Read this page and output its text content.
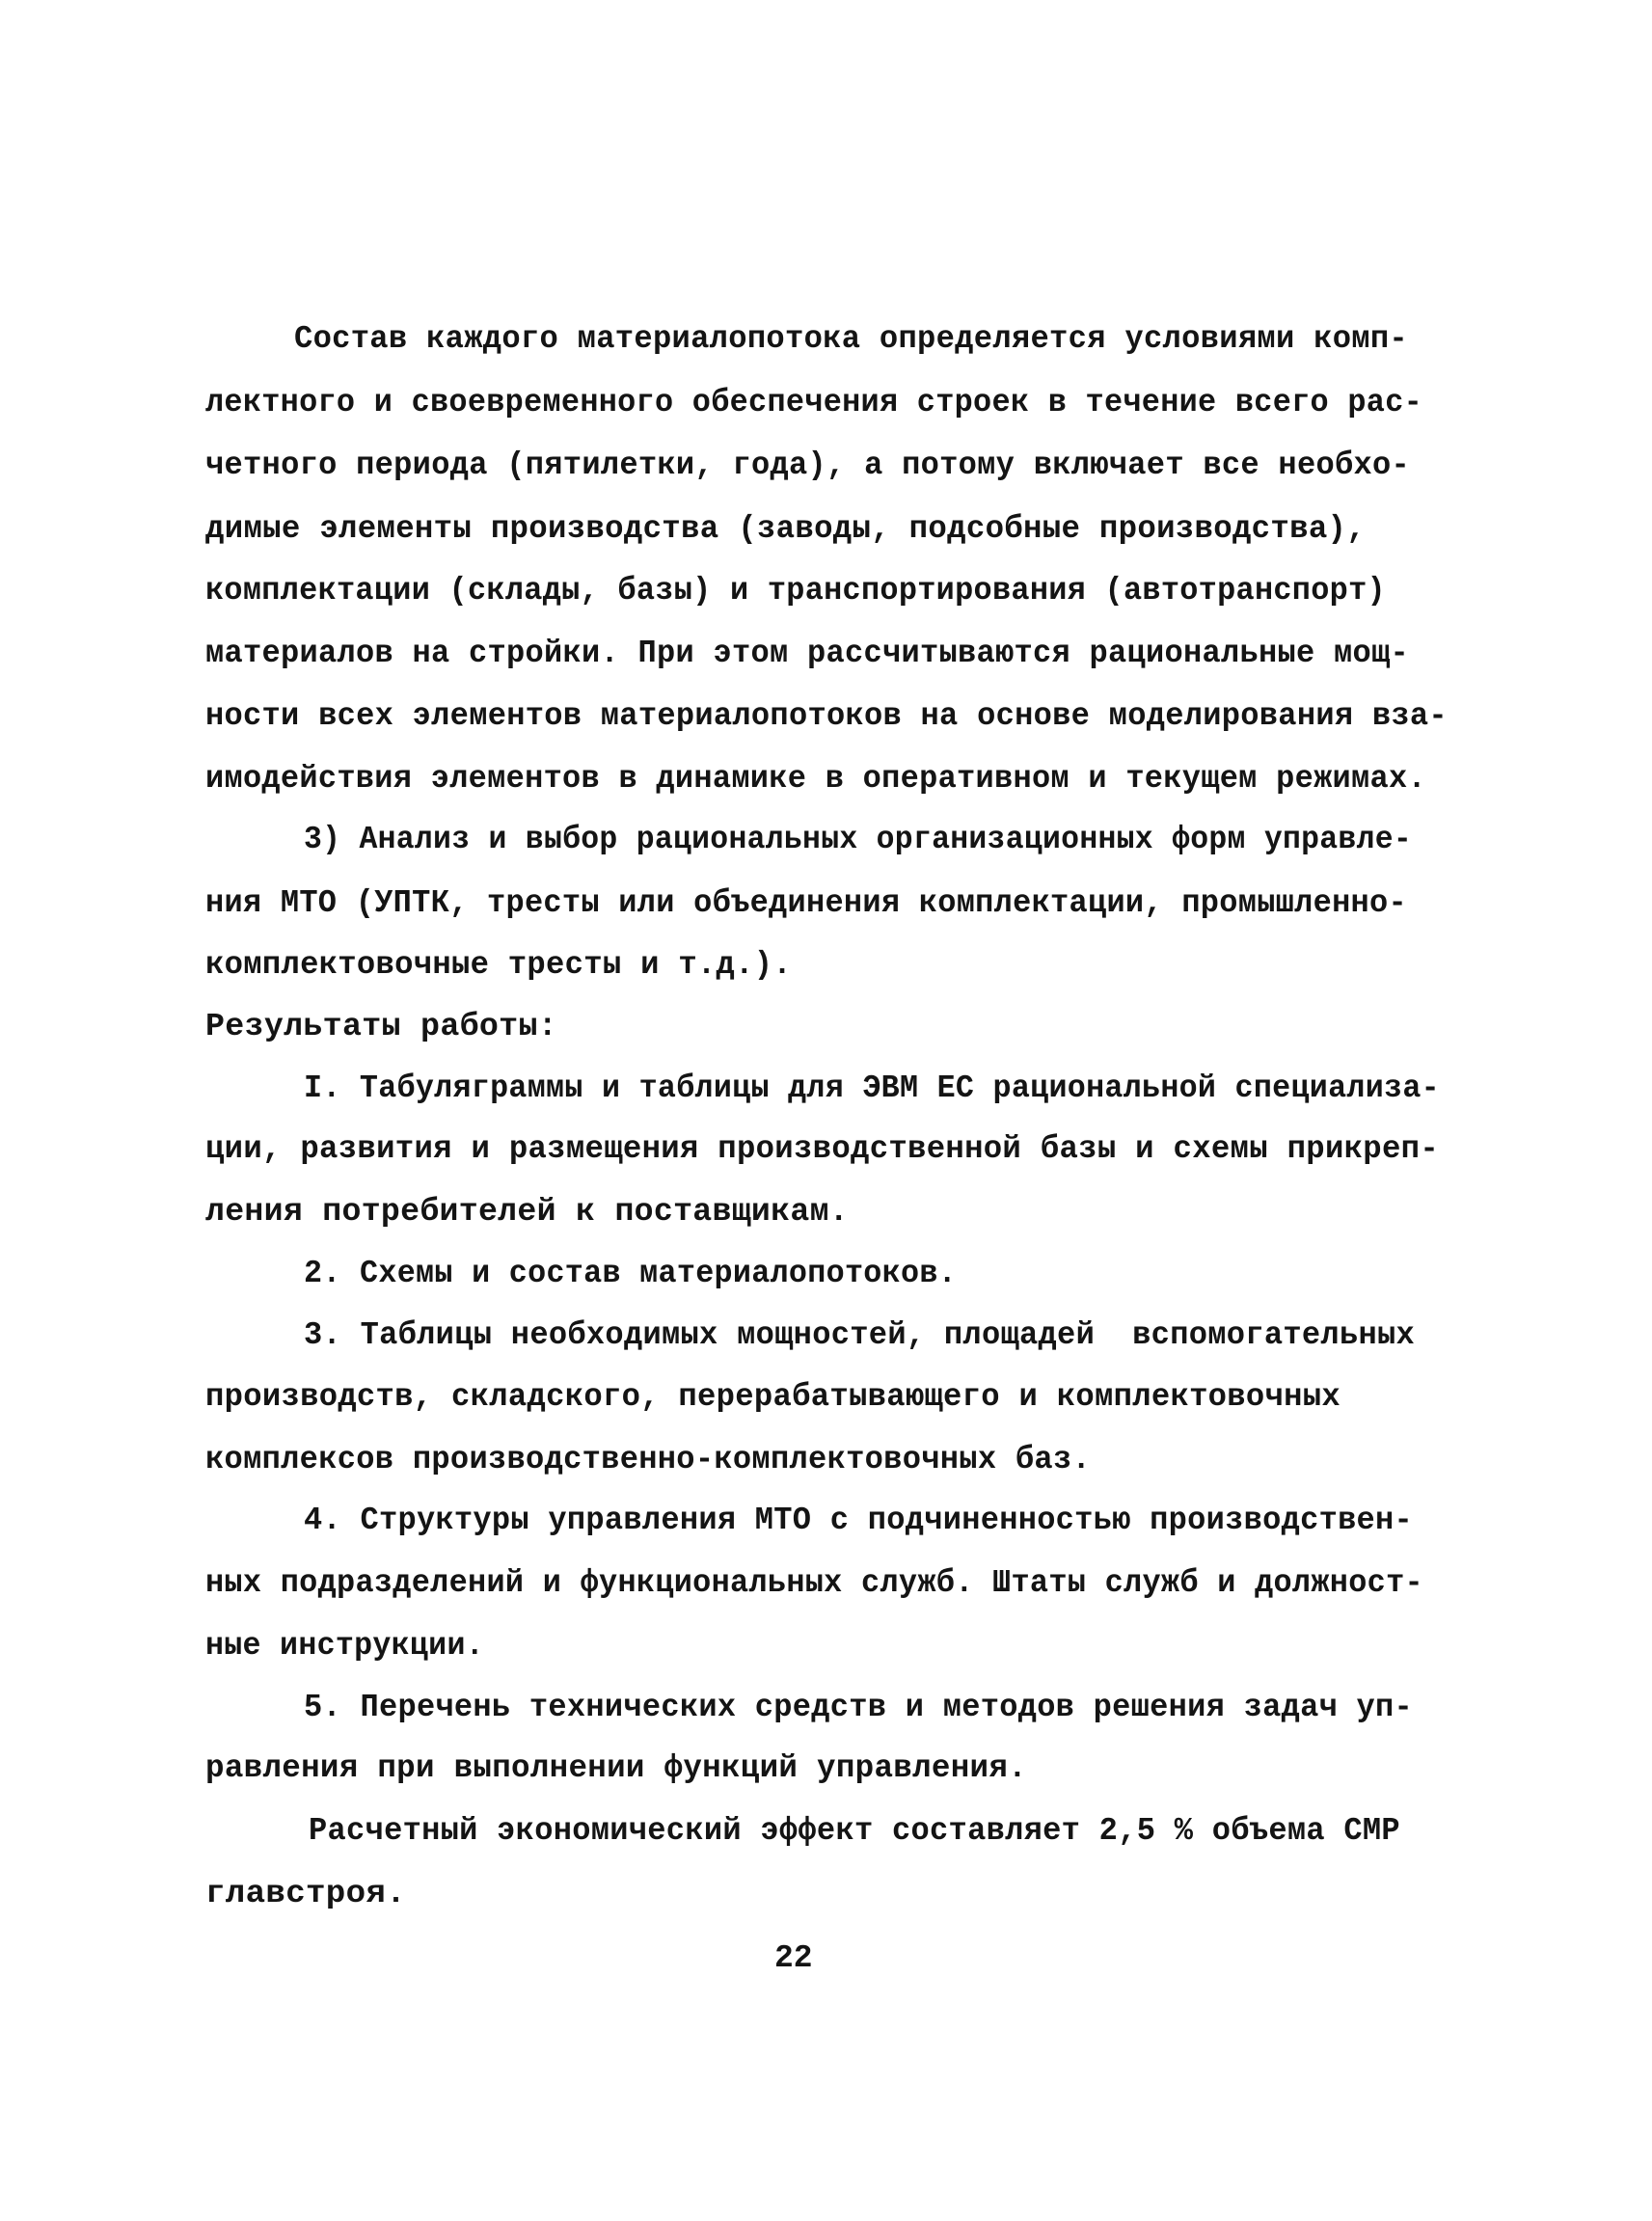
Состав каждого материалопотока определяется условиями комп-
лектного и своевременного обеспечения строек в течение всего рас-
четного периода (пятилетки, года), а потому включает все необхо-
димые элементы производства (заводы, подсобные производства),
комплектации (склады, базы) и транспортирования (автотранспорт)
материалов на стройки. При этом рассчитываются рациональные мощ-
ности всех элементов материалопотоков на основе моделирования вза-
имодействия элементов в динамике в оперативном и текущем режимах.
3) Анализ и выбор рациональных организационных форм управле-
ния МТО (УПТК, тресты или объединения комплектации, промышленно-
комплектовочные тресты и т.д.).
Результаты работы:
I. Табуляграммы и таблицы для ЭВМ ЕС рациональной специализа-
ции, развития и размещения производственной базы и схемы прикреп-
ления потребителей к поставщикам.
2. Схемы и состав материалопотоков.
3. Таблицы необходимых мощностей, площадей  вспомогательных
производств, складского, перерабатывающего и комплектовочных
комплексов производственно-комплектовочных баз.
4. Структуры управления МТО с подчиненностью производствен-
ных подразделений и функциональных служб. Штаты служб и должност-
ные инструкции.
5. Перечень технических средств и методов решения задач уп-
равления при выполнении функций управления.
Расчетный экономический эффект составляет 2,5 % объема СМР
главстроя.
22
